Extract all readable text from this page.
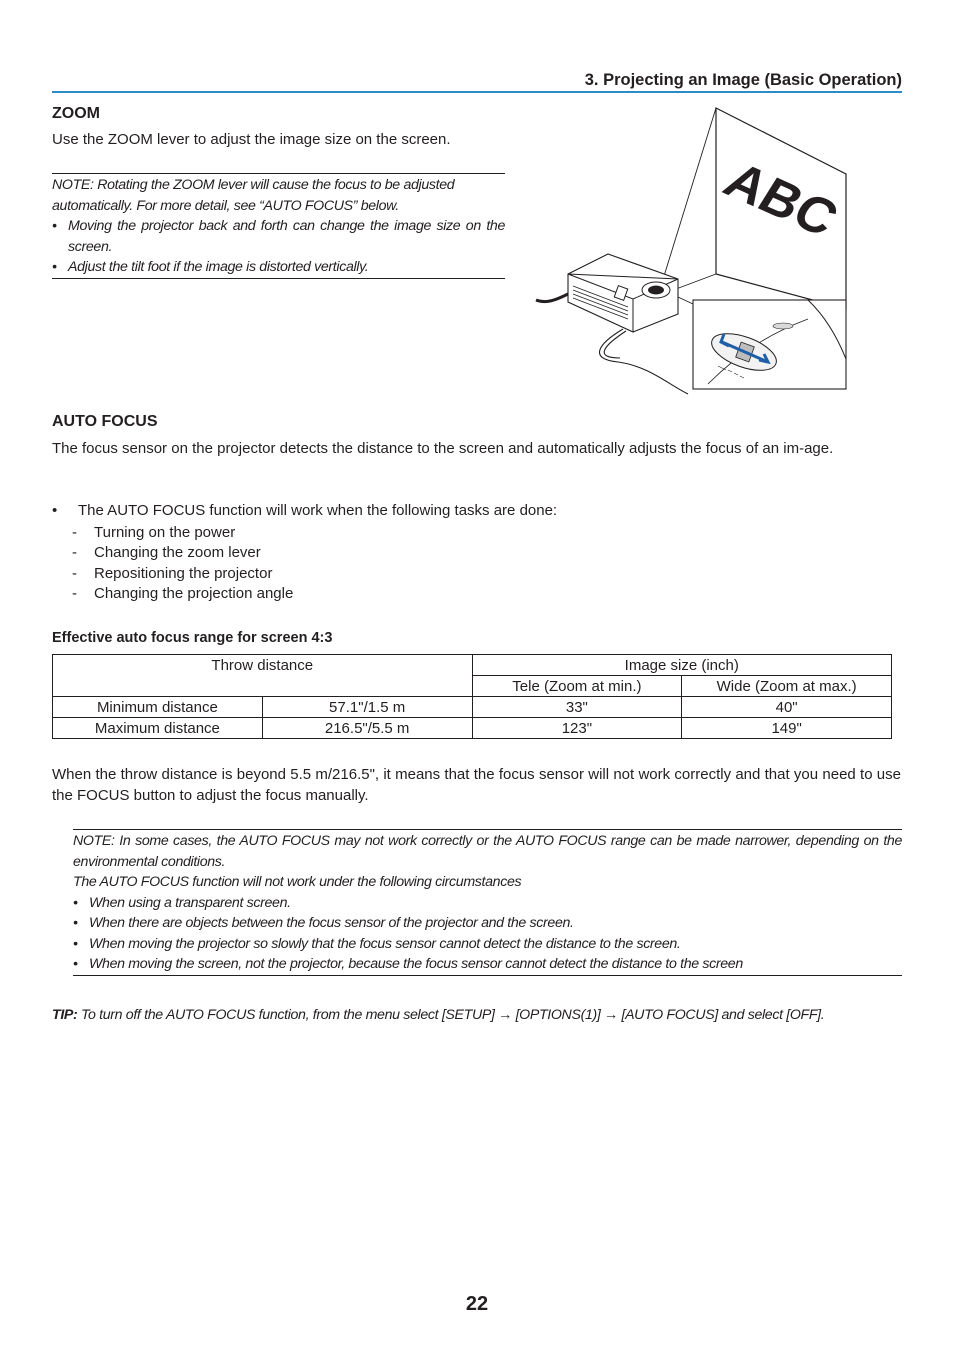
3. Projecting an Image (Basic Operation)
ZOOM
Use the ZOOM lever to adjust the image size on the screen.

NOTE: Rotating the ZOOM lever will cause the focus to be adjusted

automatically. For more detail, see “AUTO FOCUS” below.

• Moving the projector back and forth can change the image size on the screen.

• Adjust the tilt foot if the image is distorted vertically.

ABC
AUTO FOCUS
The focus sensor on the projector detects the distance to the screen and automatically adjusts the focus of an im-age.
• The AUTO FOCUS function will work when the following tasks are done:
- Turning on the power
- Changing the zoom lever
- Repositioning the projector
- Changing the projection angle
Effective auto focus range for screen 4:3
Throw distance		Image size (inch)	
		Tele (Zoom at min.)	Wide (Zoom at max.)
Minimum distance	57.1"/1.5 m	33"	40"
Maximum distance	216.5"/5.5 m	123"	149"
When the throw distance is beyond 5.5 m/216.5", it means that the focus sensor will not work correctly and that you need to use the FOCUS button to adjust the focus manually.

NOTE: In some cases, the AUTO FOCUS may not work correctly or the AUTO FOCUS range can be made narrower, depending on the environmental conditions.

The AUTO FOCUS function will not work under the following circumstances

• When using a transparent screen.

• When there are objects between the focus sensor of the projector and the screen.

• When moving the projector so slowly that the focus sensor cannot detect the distance to the screen.

• When moving the screen, not the projector, because the focus sensor cannot detect the distance to the screen

TIP: To turn off the AUTO FOCUS function, from the menu select [SETUP] → [OPTIONS(1)] → [AUTO FOCUS] and select [OFF].
22
